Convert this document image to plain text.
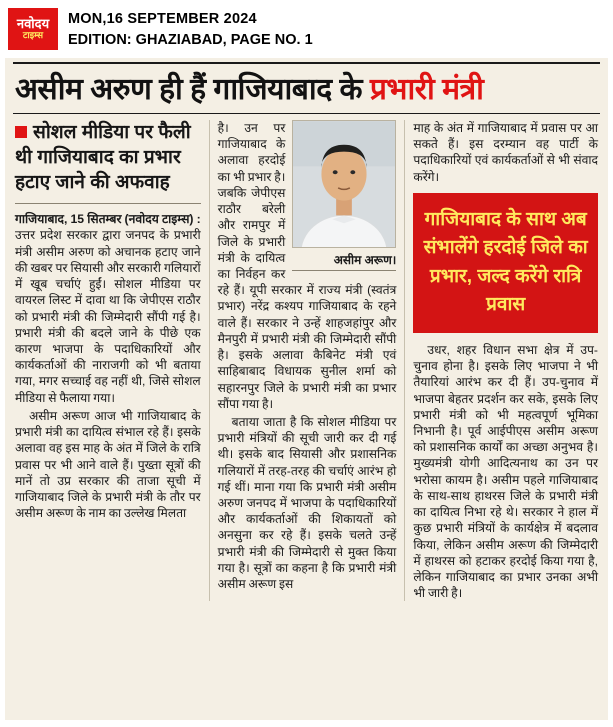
नवोदय
टाइम्स
MON,16 SEPTEMBER 2024
EDITION: GHAZIABAD, PAGE NO. 1
असीम अरुण ही हैं गाजियाबाद के प्रभारी मंत्री
सोशल मीडिया पर फैली थी गाजियाबाद का प्रभार हटाए जाने की अफवाह

गाजियाबाद, 15 सितम्बर (नवोदय टाइम्स) : उत्तर प्रदेश सरकार द्वारा जनपद के प्रभारी मंत्री असीम अरुण को अचानक हटाए जाने की खबर पर सियासी और सरकारी गलियारों में खूब चर्चाएं हुईं। सोशल मीडिया पर वायरल लिस्ट में दावा था कि जेपीएस राठौर को प्रभारी मंत्री की जिम्मेदारी सौंपी गई है। प्रभारी मंत्री की बदले जाने के पीछे एक कारण भाजपा के पदाधिकारियों और कार्यकर्ताओं की नाराजगी को भी बताया गया, मगर सच्चाई वह नहीं थी, जिसे सोशल मीडिया से फैलाया गया।

असीम अरूण आज भी गाजियाबाद के प्रभारी मंत्री का दायित्व संभाल रहे हैं। इसके अलावा वह इस माह के अंत में जिले के रात्रि प्रवास पर भी आने वाले हैं। पुख्ता सूत्रों की मानें तो उप्र सरकार की ताजा सूची में गाजियाबाद जिले के प्रभारी मंत्री के तौर पर असीम अरूण के नाम का उल्लेख मिलता

असीम अरूण।

है। उन पर गाजियाबाद के अलावा हरदोई का भी प्रभार है। जबकि जेपीएस राठौर बरेली और रामपुर में जिले के प्रभारी मंत्री के दायित्व का निर्वहन कर रहे हैं। यूपी सरकार में राज्य मंत्री (स्वतंत्र प्रभार) नरेंद्र कश्यप गाजियाबाद के रहने वाले हैं। सरकार ने उन्हें शाहजहांपुर और मैनपुरी में प्रभारी मंत्री की जिम्मेदारी सौंपी है। इसके अलावा कैबिनेट मंत्री एवं साहिबाबाद विधायक सुनील शर्मा को सहारनपुर जिले के प्रभारी मंत्री का प्रभार सौंपा गया है।

बताया जाता है कि सोशल मीडिया पर प्रभारी मंत्रियों की सूची जारी कर दी गई थी। इसके बाद सियासी और प्रशासनिक गलियारों में तरह-तरह की चर्चाएं आरंभ हो गई थीं। माना गया कि प्रभारी मंत्री असीम अरुण जनपद में भाजपा के पदाधिकारियों और कार्यकर्ताओं की शिकायतों को अनसुना कर रहे हैं। इसके चलते उन्हें प्रभारी मंत्री की जिम्मेदारी से मुक्त किया गया है। सूत्रों का कहना है कि प्रभारी मंत्री असीम अरूण इस

माह के अंत में गाजियाबाद में प्रवास पर आ सकते हैं। इस दरम्यान वह पार्टी के पदाधिकारियों एवं कार्यकर्ताओं से भी संवाद करेंगे।

गाजियाबाद के साथ अब संभालेंगे हरदोई जिले का प्रभार, जल्द करेंगे रात्रि प्रवास

उधर, शहर विधान सभा क्षेत्र में उप-चुनाव होना है। इसके लिए भाजपा ने भी तैयारियां आरंभ कर दी हैं। उप-चुनाव में भाजपा बेहतर प्रदर्शन कर सके, इसके लिए प्रभारी मंत्री को भी महत्वपूर्ण भूमिका निभानी है। पूर्व आईपीएस असीम अरूण को प्रशासनिक कार्यों का अच्छा अनुभव है। मुख्यमंत्री योगी आदित्यनाथ का उन पर भरोसा कायम है। असीम पहले गाजियाबाद के साथ-साथ हाथरस जिले के प्रभारी मंत्री का दायित्व निभा रहे थे। सरकार ने हाल में कुछ प्रभारी मंत्रियों के कार्यक्षेत्र में बदलाव किया, लेकिन असीम अरूण की जिम्मेदारी में हाथरस को हटाकर हरदोई किया गया है, लेकिन गाजियाबाद का प्रभार उनका अभी भी जारी है।
